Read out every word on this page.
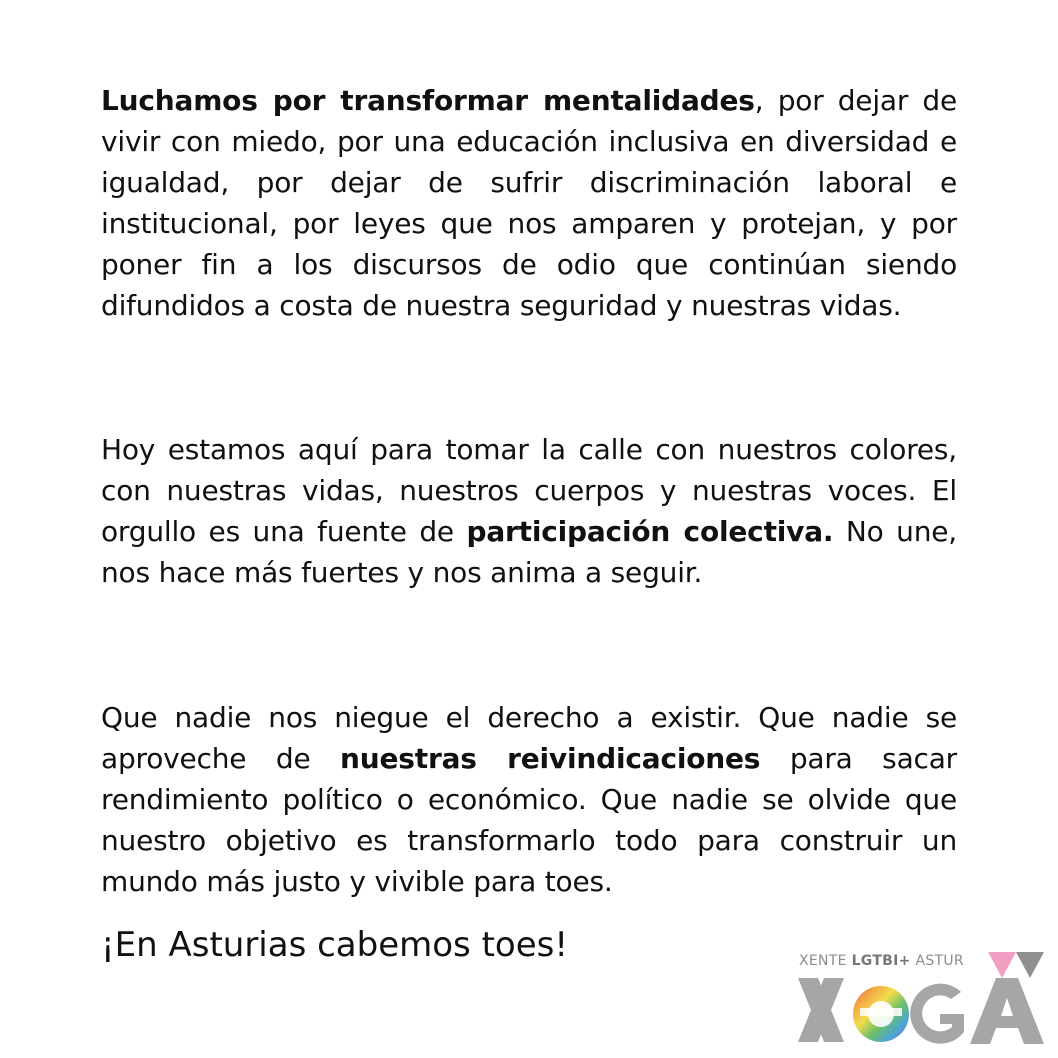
Luchamos por transformar mentalidades, por dejar de vivir con miedo, por una educación inclusiva en diversidad e igualdad, por dejar de sufrir discriminación laboral e institucional, por leyes que nos amparen y protejan, y por poner fin a los discursos de odio que continúan siendo difundidos a costa de nuestra seguridad y nuestras vidas.

Hoy estamos aquí para tomar la calle con nuestros colores, con nuestras vidas, nuestros cuerpos y nuestras voces. El orgullo es una fuente de participación colectiva. No une, nos hace más fuertes y nos anima a seguir.

Que nadie nos niegue el derecho a existir. Que nadie se aproveche de nuestras reivindicaciones para sacar rendimiento político o económico. Que nadie se olvide que nuestro objetivo es transformarlo todo para construir un mundo más justo y vivible para toes.

¡En Asturias cabemos toes!	XENTE LGTBI+ ASTUR
